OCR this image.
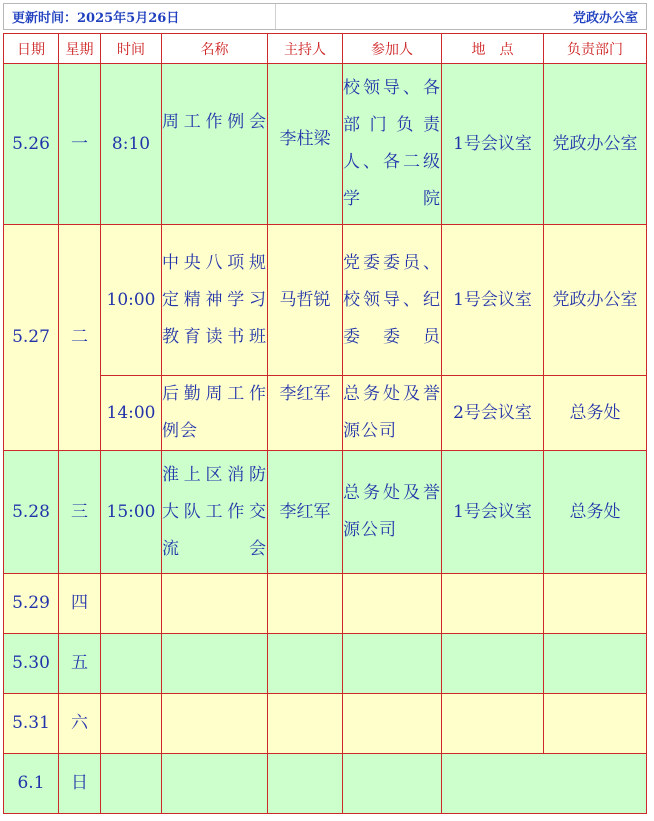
更新时间：2025年5月26日	党政办公室
日期	星期	时间	名称	主持人	参加人	地　点	负责部门
5.26	一	8:10	周工作例会	李柱梁	校领导、各部门负责人、各二级学院	1号会议室	党政办公室
5.27	二	10:00	中央八项规定精神学习教育读书班	马哲锐	党委委员、校领导、纪委委员	1号会议室	党政办公室
		14:00	后勤周工作例会	李红军	总务处及誉源公司	2号会议室	总务处
5.28	三	15:00	淮上区消防大队工作交流会	李红军	总务处及誉源公司	1号会议室	总务处
5.29	四						
5.30	五						
5.31	六						
6.1	日						
